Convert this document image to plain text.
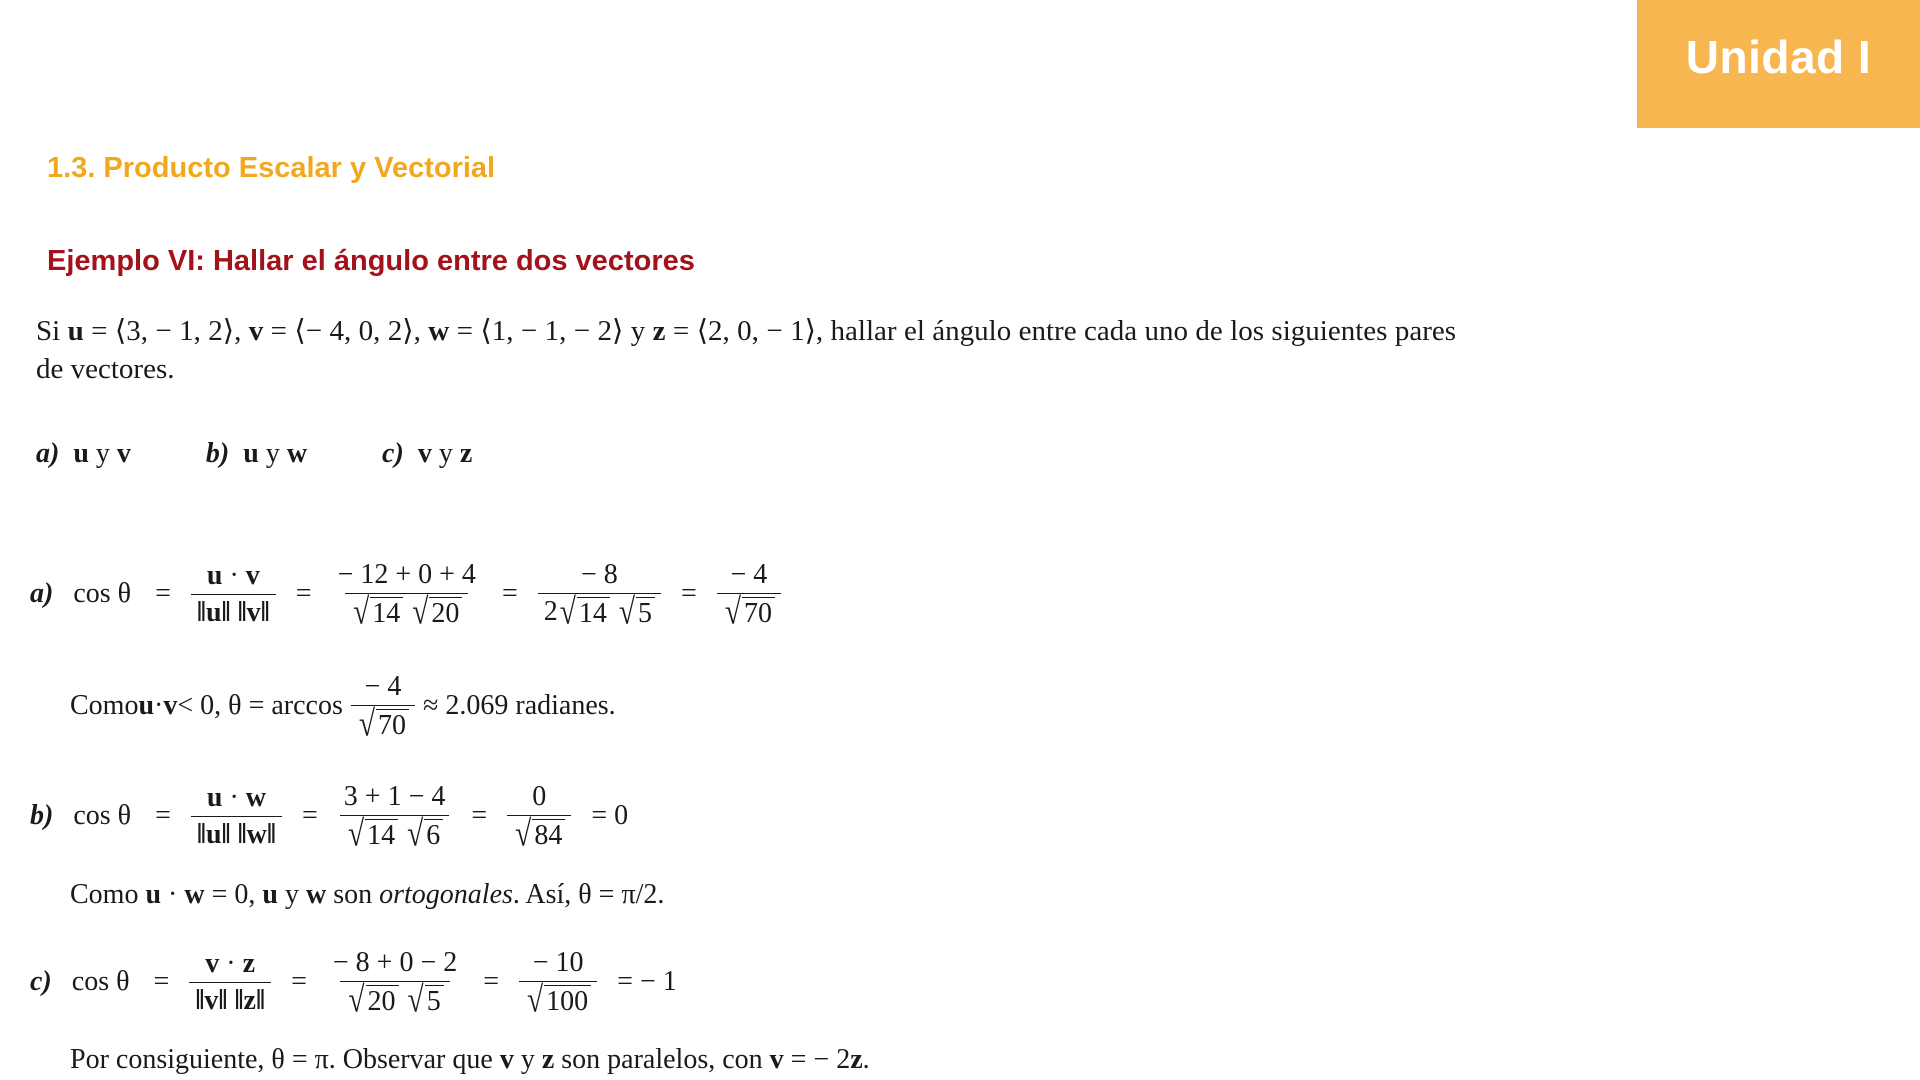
Unidad I
1.3. Producto Escalar y Vectorial
Ejemplo VI: Hallar el ángulo entre dos vectores
Si u = ⟨3, − 1, 2⟩, v = ⟨− 4, 0, 2⟩, w = ⟨1, − 1, − 2⟩ y z = ⟨2, 0, − 1⟩, hallar el ángulo entre cada uno de los siguientes pares de vectores.
a) u y v	b) u y w	c) v y z
a) $\cos \theta = \frac{u \cdot v}{‖u‖ ‖v‖}$ = − 12 + 0 + 4
√ 14
√ 20 = − 8
2 √ 14
√ $5 = \frac{- 4}{√ 70}$
Como u · v < 0, $\theta = \arccos \frac{- 4}{√ 70} \approx 2.069$ radianes.
b) $\cos \theta = \frac{u \cdot w}{‖u‖ ‖w‖} = 3 + 1 - 4$
√ 14
√ $6 = \frac{0}{√ 84} = 0$
Como u · w = 0, u y w son ortogonales. Así, θ = π/2.
c) $\cos \theta = \frac{v \cdot z}{‖v‖ ‖z‖}$ = − 8 + 0 − 2
√ 20
√ $5 = \frac{- 10}{√ 100}$ = − 1
Por consiguiente, θ = π. Observar que v y z son paralelos, con v = − 2z.
